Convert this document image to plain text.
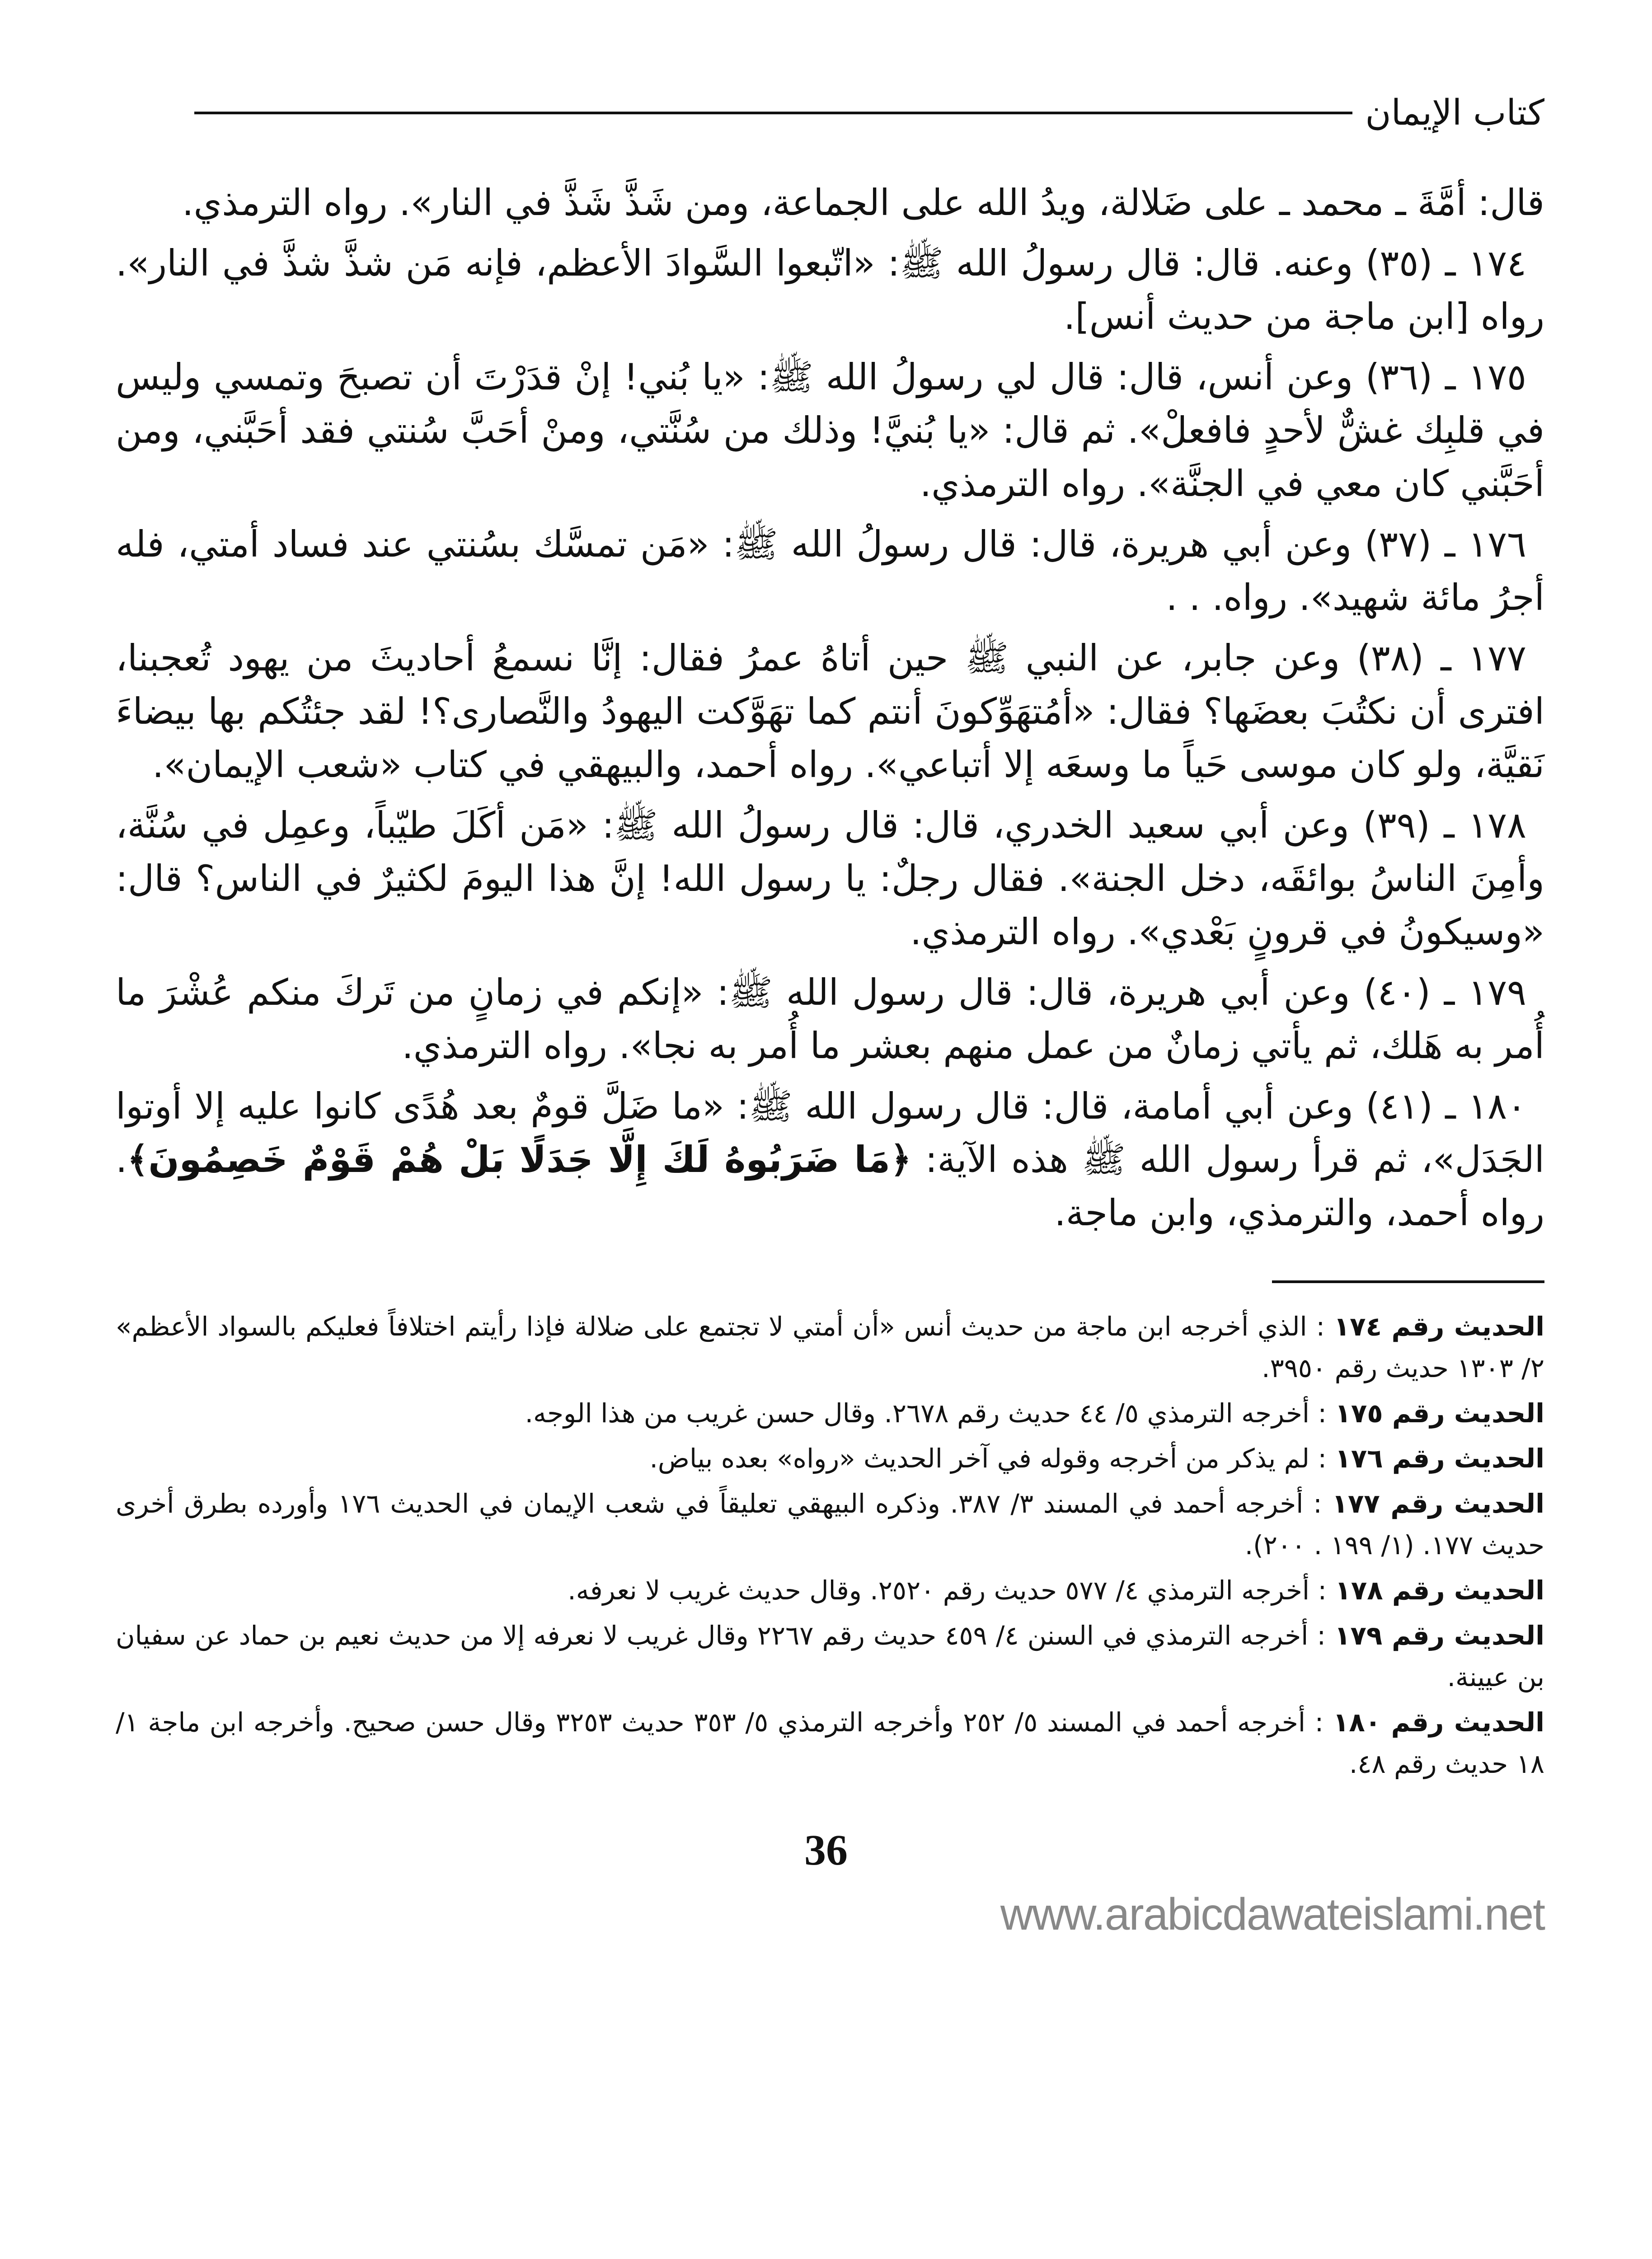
كتاب الإيمان

قال: أمَّةَ ـ محمد ـ على ضَلالة، ويدُ الله على الجماعة، ومن شَذَّ شَذَّ في النار». رواه الترمذي.

١٧٤ ـ (٣٥) وعنه. قال: قال رسولُ الله ﷺ: «اتّبعوا السَّوادَ الأعظم، فإنه مَن شذَّ شذَّ في النار». رواه [ابن ماجة من حديث أنس].

١٧٥ ـ (٣٦) وعن أنس، قال: قال لي رسولُ الله ﷺ: «يا بُني! إنْ قدَرْتَ أن تصبحَ وتمسي وليس في قلبِك غشٌّ لأحدٍ فافعلْ». ثم قال: «يا بُنيَّ! وذلك من سُنَّتي، ومنْ أحَبَّ سُنتي فقد أحَبَّني، ومن أحَبَّني كان معي في الجنَّة». رواه الترمذي.

١٧٦ ـ (٣٧) وعن أبي هريرة، قال: قال رسولُ الله ﷺ: «مَن تمسَّك بسُنتي عند فساد أمتي، فله أجرُ مائة شهيد». رواه. . .

١٧٧ ـ (٣٨) وعن جابر، عن النبي ﷺ حين أتاهُ عمرُ فقال: إنَّا نسمعُ أحاديثَ من يهود تُعجبنا، افترى أن نكتُبَ بعضَها؟ فقال: «أمُتهَوِّكونَ أنتم كما تهَوَّكت اليهودُ والنَّصارى؟! لقد جئتُكم بها بيضاءَ نَقيَّة، ولو كان موسى حَياً ما وسعَه إلا أتباعي». رواه أحمد، والبيهقي في كتاب «شعب الإيمان».

١٧٨ ـ (٣٩) وعن أبي سعيد الخدري، قال: قال رسولُ الله ﷺ: «مَن أكَلَ طيّباً، وعمِل في سُنَّة، وأمِنَ الناسُ بوائقَه، دخل الجنة». فقال رجلٌ: يا رسول الله! إنَّ هذا اليومَ لكثيرٌ في الناس؟ قال: «وسيكونُ في قرونٍ بَعْدي». رواه الترمذي.

١٧٩ ـ (٤٠) وعن أبي هريرة، قال: قال رسول الله ﷺ: «إنكم في زمانٍ من تَركَ منكم عُشْرَ ما أُمر به هَلك، ثم يأتي زمانٌ من عمل منهم بعشر ما أُمر به نجا». رواه الترمذي.

١٨٠ ـ (٤١) وعن أبي أمامة، قال: قال رسول الله ﷺ: «ما ضَلَّ قومٌ بعد هُدًى كانوا عليه إلا أوتوا الجَدَل»، ثم قرأ رسول الله ﷺ هذه الآية: ﴿مَا ضَرَبُوهُ لَكَ إِلَّا جَدَلًا بَلْ هُمْ قَوْمٌ خَصِمُونَ﴾. رواه أحمد، والترمذي، وابن ماجة.

الحديث رقم ١٧٤ : الذي أخرجه ابن ماجة من حديث أنس «أن أمتي لا تجتمع على ضلالة فإذا رأيتم اختلافاً فعليكم بالسواد الأعظم» ٢/ ١٣٠٣ حديث رقم ٣٩٥٠.

الحديث رقم ١٧٥ : أخرجه الترمذي ٥/ ٤٤ حديث رقم ٢٦٧٨. وقال حسن غريب من هذا الوجه.

الحديث رقم ١٧٦ : لم يذكر من أخرجه وقوله في آخر الحديث «رواه» بعده بياض.

الحديث رقم ١٧٧ : أخرجه أحمد في المسند ٣/ ٣٨٧. وذكره البيهقي تعليقاً في شعب الإيمان في الحديث ١٧٦ وأورده بطرق أخرى حديث ١٧٧. (١/ ١٩٩ . ٢٠٠).

الحديث رقم ١٧٨ : أخرجه الترمذي ٤/ ٥٧٧ حديث رقم ٢٥٢٠. وقال حديث غريب لا نعرفه.

الحديث رقم ١٧٩ : أخرجه الترمذي في السنن ٤/ ٤٥٩ حديث رقم ٢٢٦٧ وقال غريب لا نعرفه إلا من حديث نعيم بن حماد عن سفيان بن عيينة.

الحديث رقم ١٨٠ : أخرجه أحمد في المسند ٥/ ٢٥٢ وأخرجه الترمذي ٥/ ٣٥٣ حديث ٣٢٥٣ وقال حسن صحيح. وأخرجه ابن ماجة ١/ ١٨ حديث رقم ٤٨.

36
www.arabicdawateislami.net
